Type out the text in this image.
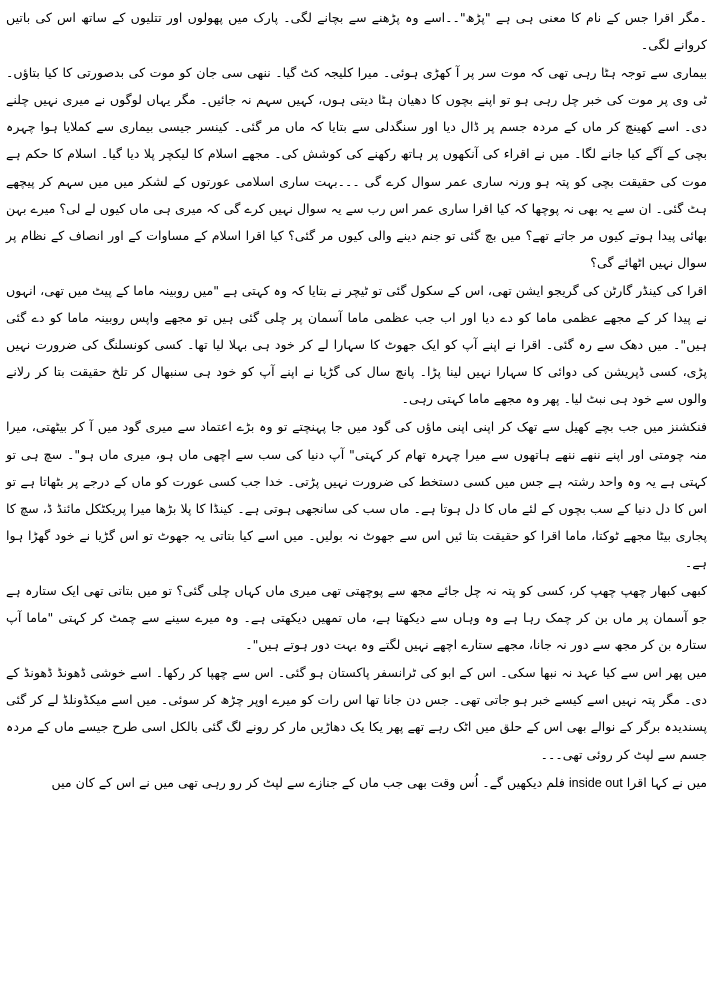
۔مگر اقرا جس کے نام کا معنی ہی ہے "پڑھ"۔۔اسے وہ پڑھنے سے بچانے لگی۔ پارک میں پھولوں اور تتلیوں کے ساتھ اس کی باتیں کروانے لگی۔

بیماری سے توجہ ہٹا رہی تھی کہ موت سر پر آ کھڑی ہوئی۔ میرا کلیجہ کٹ گیا۔ ننھی سی جان کو موت کی بدصورتی کا کیا بتاؤں۔ ٹی وی پر موت کی خبر چل رہی ہو تو اپنے بچوں کا دھیان ہٹا دیتی ہوں، کہیں سہم نہ جائیں۔ مگر یہاں لوگوں نے میری نہیں چلنے دی۔ اسے کھینچ کر ماں کے مردہ جسم پر ڈال دیا اور سنگدلی سے بتایا کہ ماں مر گئی۔ کینسر جیسی بیماری سے کملایا ہوا چہرہ بچی کے آگے کیا جانے لگا۔ میں نے اقراء کی آنکھوں پر ہاتھ رکھنے کی کوشش کی۔ مجھے اسلام کا لیکچر پلا دیا گیا۔ اسلام کا حکم ہے موت کی حقیقت بچی کو پتہ ہو ورنہ ساری عمر سوال کرے گی ۔۔۔بہت ساری اسلامی عورتوں کے لشکر میں میں سہم کر پیچھے ہٹ گئی۔ ان سے یہ بھی نہ پوچھا کہ کیا اقرا ساری عمر اس رب سے یہ سوال نہیں کرے گی کہ میری ہی ماں کیوں لے لی؟ میرے بہن بھائی پیدا ہوتے کیوں مر جاتے تھے؟ میں بچ گئی تو جنم دینے والی کیوں مر گئی؟ کیا اقرا اسلام کے مساوات کے اور انصاف کے نظام پر سوال نہیں اٹھائے گی؟

اقرا کی کینڈر گارٹن کی گریجو ایشن تھی، اس کے سکول گئی تو ٹیچر نے بتایا کہ وہ کہتی ہے "میں روبینہ ماما کے پیٹ میں تھی، انہوں نے پیدا کر کے مجھے عظمی ماما کو دے دیا اور اب جب عظمی ماما آسمان پر چلی گئی ہیں تو مجھے واپس روبینہ ماما کو دے گئی ہیں"۔ میں دھک سے رہ گئی۔ اقرا نے اپنے آپ کو ایک جھوٹ کا سہارا لے کر خود ہی بہلا لیا تھا۔ کسی کونسلنگ کی ضرورت نہیں پڑی، کسی ڈپریشن کی دوائی کا سہارا نہیں لینا پڑا۔ پانچ سال کی گڑیا نے اپنے آپ کو خود ہی سنبھال کر تلخ حقیقت بتا کر رلانے والوں سے خود ہی نبٹ لیا۔ پھر وہ مجھے ماما کہتی رہی۔

فنکشنز میں جب بچے کھیل سے تھک کر اپنی اپنی ماؤں کی گود میں جا پہنچتے تو وہ بڑے اعتماد سے میری گود میں آ کر بیٹھتی، میرا منہ چومتی اور اپنے ننھے ننھے ہاتھوں سے میرا چہرہ تھام کر کہتی" آپ دنیا کی سب سے اچھی ماں ہو، میری ماں ہو"۔ سچ ہی تو کہتی ہے یہ وہ واحد رشتہ ہے جس میں کسی دستخط کی ضرورت نہیں پڑتی۔ خدا جب کسی عورت کو ماں کے درجے پر بٹھاتا ہے تو اس کا دل دنیا کے سب بچوں کے لئے ماں کا دل ہوتا ہے۔ ماں سب کی سانجھی ہوتی ہے۔ کینڈا کا پلا بڑھا میرا پریکٹکل مائنڈ ڈ، سچ کا پجاری بیٹا مجھے ٹوکتا، ماما اقرا کو حقیقت بتا ئیں اس سے جھوٹ نہ بولیں۔ میں اسے کیا بتاتی یہ جھوٹ تو اس گڑیا نے خود گھڑا ہوا ہے۔

کبھی کبھار چھپ چھپ کر، کسی کو پتہ نہ چل جائے مجھ سے پوچھتی تھی میری ماں کہاں چلی گئی؟ تو میں بتاتی تھی ایک ستارہ ہے جو آسمان پر ماں بن کر چمک رہا ہے وہ وہاں سے دیکھتا ہے، ماں تمھیں دیکھتی ہے۔ وہ میرے سینے سے چمٹ کر کہتی "ماما آپ ستارہ بن کر مجھ سے دور نہ جانا، مجھے ستارے اچھے نہیں لگتے وہ بہت دور ہوتے ہیں"۔

میں پھر اس سے کیا عہد نہ نبھا سکی۔ اس کے ابو کی ٹرانسفر پاکستان ہو گئی۔ اس سے چھپا کر رکھا۔ اسے خوشی ڈھونڈ ڈھونڈ کے دی۔ مگر پتہ نہیں اسے کیسے خبر ہو جاتی تھی۔ جس دن جانا تھا اس رات کو میرے اوپر چڑھ کر سوئی۔ میں اسے میکڈونلڈ لے کر گئی پسندیدہ برگر کے نوالے بھی اس کے حلق میں اٹک رہے تھے پھر یکا یک دھاڑیں مار کر رونے لگ گئی بالکل اسی طرح جیسے ماں کے مردہ جسم سے لپٹ کر روئی تھی۔۔۔

میں نے کہا اقرا inside out فلم دیکھیں گے۔ اُس وقت بھی جب ماں کے جنازے سے لپٹ کر رو رہی تھی میں نے اس کے کان میں
